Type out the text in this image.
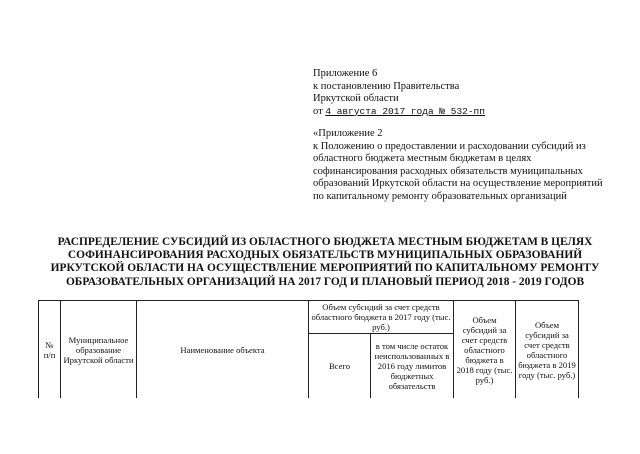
Приложение 6
к постановлению Правительства
Иркутской области
от 4 августа 2017 года № 532-пп
«Приложение 2
к Положению о предоставлении и расходовании субсидий из областного бюджета местным бюджетам в целях софинансирования расходных обязательств муниципальных образований Иркутской области на осуществление мероприятий по капитальному ремонту образовательных организаций
РАСПРЕДЕЛЕНИЕ СУБСИДИЙ ИЗ ОБЛАСТНОГО БЮДЖЕТА МЕСТНЫМ БЮДЖЕТАМ В ЦЕЛЯХ СОФИНАНСИРОВАНИЯ РАСХОДНЫХ ОБЯЗАТЕЛЬСТВ МУНИЦИПАЛЬНЫХ ОБРАЗОВАНИЙ ИРКУТСКОЙ ОБЛАСТИ НА ОСУЩЕСТВЛЕНИЕ МЕРОПРИЯТИЙ ПО КАПИТАЛЬНОМУ РЕМОНТУ ОБРАЗОВАТЕЛЬНЫХ ОРГАНИЗАЦИЙ НА 2017 ГОД И ПЛАНОВЫЙ ПЕРИОД 2018 - 2019 ГОДОВ
№ п/п	Муниципальное образование Иркутской области	Наименование объекта	Объем субсидий за счет средств областного бюджета в 2017 году (тыс. руб.)		Объем субсидий за счет средств областного бюджета в 2018 году (тыс. руб.)	Объем субсидий за счет средств областного бюджета в 2019 году (тыс. руб.)
			Всего	в том числе остаток неиспользованных в 2016 году лимитов бюджетных обязательств		
